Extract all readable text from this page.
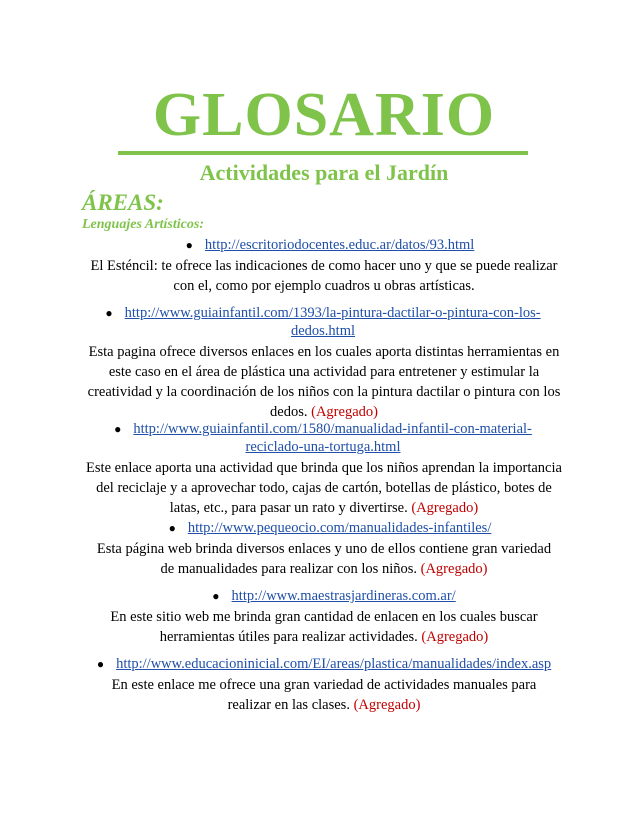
GLOSARIO
Actividades para el Jardín
ÁREAS:
Lenguajes Artísticos:
● http://escritoriodocentes.educ.ar/datos/93.html
El Esténcil: te ofrece las indicaciones de como hacer uno y que se puede realizar con el, como por ejemplo cuadros u obras artísticas.
● http://www.guiainfantil.com/1393/la-pintura-dactilar-o-pintura-con-los-dedos.html
Esta pagina ofrece diversos enlaces en los cuales aporta distintas herramientas en este caso en el área de plástica una actividad para entretener y estimular la creatividad y la coordinación de los niños con la pintura dactilar o pintura con los dedos. (Agregado)
● http://www.guiainfantil.com/1580/manualidad-infantil-con-material-reciclado-una-tortuga.html
Este enlace aporta una actividad que brinda que los niños aprendan la importancia del reciclaje y a aprovechar todo, cajas de cartón, botellas de plástico, botes de latas, etc., para pasar un rato y divertirse. (Agregado)
● http://www.pequeocio.com/manualidades-infantiles/
Esta página web brinda diversos enlaces y uno de ellos contiene gran variedad de manualidades para realizar con los niños. (Agregado)
● http://www.maestrasjardineras.com.ar/
En este sitio web me brinda gran cantidad de enlacen en los cuales buscar herramientas útiles para realizar actividades. (Agregado)
● http://www.educacioninicial.com/EI/areas/plastica/manualidades/index.asp
En este enlace me ofrece una gran variedad de actividades manuales para realizar en las clases. (Agregado)
